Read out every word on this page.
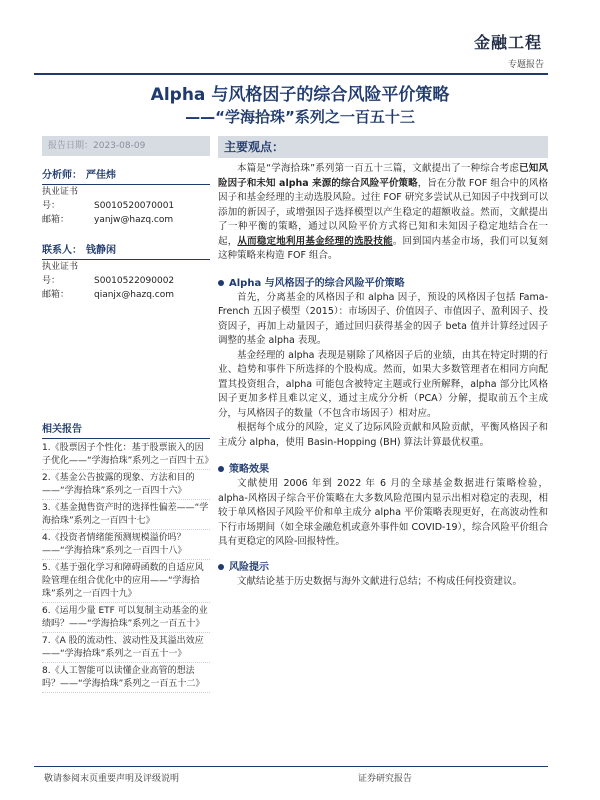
金融工程
专题报告
Alpha 与风格因子的综合风险平价策略
——“学海拾珠”系列之一百五十三
报告日期：2023-08-09
分析师： 严佳炜
执业证书号：	S0010520070001
邮箱：	yanjw@hazq.com
联系人： 钱静闲
执业证书号：	S0010522090002
邮箱：	qianjx@hazq.com
相关报告
1.《股票因子个性化：基于股票嵌入的因子优化——“学海拾珠”系列之一百四十五》
2.《基金公告披露的现象、方法和目的——“学海拾珠”系列之一百四十六》
3.《基金抛售资产时的选择性偏差——“学海拾珠”系列之一百四十七》
4.《投资者情绪能预测规模溢价吗？——“学海拾珠”系列之一百四十八》
5.《基于强化学习和障碍函数的自适应风险管理在组合优化中的应用——“学海拾珠”系列之一百四十九》
6.《运用少量 ETF 可以复制主动基金的业绩吗？——“学海拾珠”系列之一百五十》
7.《A 股的流动性、波动性及其溢出效应——“学海拾珠”系列之一百五十一》
8.《人工智能可以读懂企业高管的想法吗？——“学海拾珠”系列之一百五十二》
主要观点：

本篇是“学海拾珠”系列第一百五十三篇，文献提出了一种综合考虑已知风险因子和未知 alpha 来源的综合风险平价策略，旨在分散 FOF 组合中的风格因子和基金经理的主动选股风险。过往 FOF 研究多尝试从已知因子中找到可以添加的新因子，或增强因子选择模型以产生稳定的超额收益。然而，文献提出了一种平衡的策略，通过以风险平价方式将已知和未知因子稳定地结合在一起，从而稳定地利用基金经理的选股技能。回到国内基金市场，我们可以复刻这种策略来构造 FOF 组合。

Alpha 与风格因子的综合风险平价策略

首先，分离基金的风格因子和 alpha 因子，预设的风格因子包括 Fama-French 五因子模型（2015）：市场因子、价值因子、市值因子、盈利因子、投资因子，再加上动量因子，通过回归获得基金的因子 beta 值并计算经过因子调整的基金 alpha 表现。

基金经理的 alpha 表现是剔除了风格因子后的业绩，由其在特定时期的行业、趋势和事件下所选择的个股构成。然而，如果大多数管理者在相同方向配置其投资组合，alpha 可能包含被特定主题或行业所解释，alpha 部分比风格因子更加多样且难以定义，通过主成分分析（PCA）分解，提取前五个主成分，与风格因子的数量（不包含市场因子）相对应。

根据每个成分的风险，定义了边际风险贡献和风险贡献，平衡风格因子和主成分 alpha，使用 Basin-Hopping (BH) 算法计算最优权重。

策略效果

文献使用 2006 年到 2022 年 6 月的全球基金数据进行策略检验，alpha-风格因子综合平价策略在大多数风险范围内显示出相对稳定的表现，相较于单风格因子风险平价和单主成分 alpha 平价策略表现更好，在高波动性和下行市场期间（如全球金融危机或意外事件如 COVID-19），综合风险平价组合具有更稳定的风险-回报特性。

风险提示

文献结论基于历史数据与海外文献进行总结；不构成任何投资建议。

敬请参阅末页重要声明及评级说明	证券研究报告
